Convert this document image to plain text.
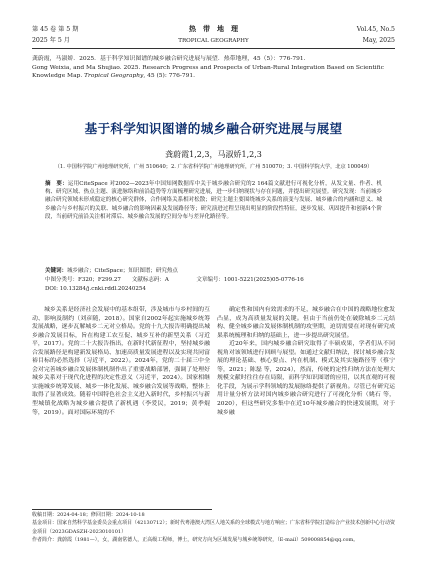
第 45 卷 第 5 期
2025 年 5 月
热　带　地　理
TROPICAL GEOGRAPHY
Vol.45, No.5
May, 2025
龚蔚霞，马淑娇．2025．基于科学知识图谱的城乡融合研究进展与展望．热带地理，45（5）：776-791.
Gong Weixia, and Ma Shujiao. 2025. Research Progress and Prospects of Urban-Rural Integration Based on Scientific Knowledge Map. Tropical Geography, 45 (5): 776-791.
基于科学知识图谱的城乡融合研究进展与展望
龚蔚霞1,2,3，马淑娇1,2,3
（1. 中国科学院广州地理研究所，广州 510640；2. 广东省科学院广州地理研究所，广州 510070；3. 中国科学院大学，北京 100049）

摘　要：运用CiteSpace 对2002—2023年中国知网数据库中关于城乡融合研究的2 164篇文献进行可视化分析，从发文量、作者、机构、研究区域、热点主题、演进脉络和前沿趋势等方面梳理研究进展，进一步归纳现状与存在问题，并提出研究展望。研究发现：当前城乡融合研究领域未形成稳定的核心研究群体，合作网络关系相对松散；研究主题主要围绕城乡关系的演变与发展、城乡融合的内涵和意义、城乡融合与乡村振兴的关联、城乡融合的影响因素及发展路径等；研究演进过程呈现出明显的阶段性特征，逐步发展、巩固提升和创新4个阶段，当前研究前沿关注相对滞后、城乡融合发展的空间分布与差异化路径等。

关键词：城乡融合；CiteSpace；知识图谱；研究热点
中图分类号：F320；F299.27　　文献标志码：A　　　　　文章编号：1001-5221(2025)05-0776-16
DOI: 10.13284/j.cnki.rddl.20240254

城乡关系是经济社会发展中的基本组带，涉及城市与乡村间的互动、影响及制约（刘彦随，2018）。国家自2002年起实施城乡统筹发展战略，逐步瓦解城乡二元对立格局。党的十九大报告明确提出城乡融合发展目标，旨在构建工农互促、城乡互补的新型关系（习近平，2017）。党的二十大报告指出，在新时代新征程中，坚持城乡融合发展路径是构建新发展格局、加速高质量发展进程以及实现共同富裕目标的必然选择（习近平，2022）。2024年，党的二十届三中全会对完善城乡融合发展体制机制作出了重要战略部署，强调了处理好城乡关系对于现代化进程的决定性意义（习近平，2024）。国家相继实施城乡统筹发展、城乡一体化发展、城乡融合发展等战略，整体上取得了显著成效。随着中国特色社会主义进入新时代，乡村振兴与新型城镇化战略为城乡融合提供了新机遇（李爱民，2019；黄季焜 等，2019）。面对国际环境的不

确定性和国内有效需求的不足，城乡融合在中国的战略地位愈发凸显，成为高质量发展的关键。但由于当前仍处在破除城乡二元结构、健全城乡融合发展体制机制的攻坚期，迫切需要在对现有研究成果系统梳理和归纳的基础上，进一步提出研究展望。

近20年来，国内城乡融合研究取得了丰硕成果，学者们从不同视角对该领域进行回顾与展望。如通过文献归纳法，探讨城乡融合发展的理论基础、核心要点、内在机制、模式及其实施路径等（蔡宁 等，2021；陈磊 等，2024），然而，传统的定性归纳方法在处理大规模文献时往往存在局限，而科学知识图谱的应用，以其直观的可视化手段，为展示学科领域的发展脉络提供了新视角。尽管已有研究运用计量分析方法对国内城乡融合研究进行了可视化分析（姚石 等，2020），但这些研究多集中在近10年城乡融合的快速发展期，对于城乡融

收稿日期：2024-04-18；修回日期：2024-10-18
基金项目：国家自然科学基金委员会重点项目（42130712）；新时代粤港澳大湾区人地关系的全球模式与地方响应；广东省科学院打造综合产业技术创新中心行动资金项目（2023GDASZH-2023010101）
作者简介：龚蔚霞（1981—），女，湖南常德人，正高级工程师，博士，研究方向为区域发展与城乡统筹研究，（E-mail）509008854@qq.com。
